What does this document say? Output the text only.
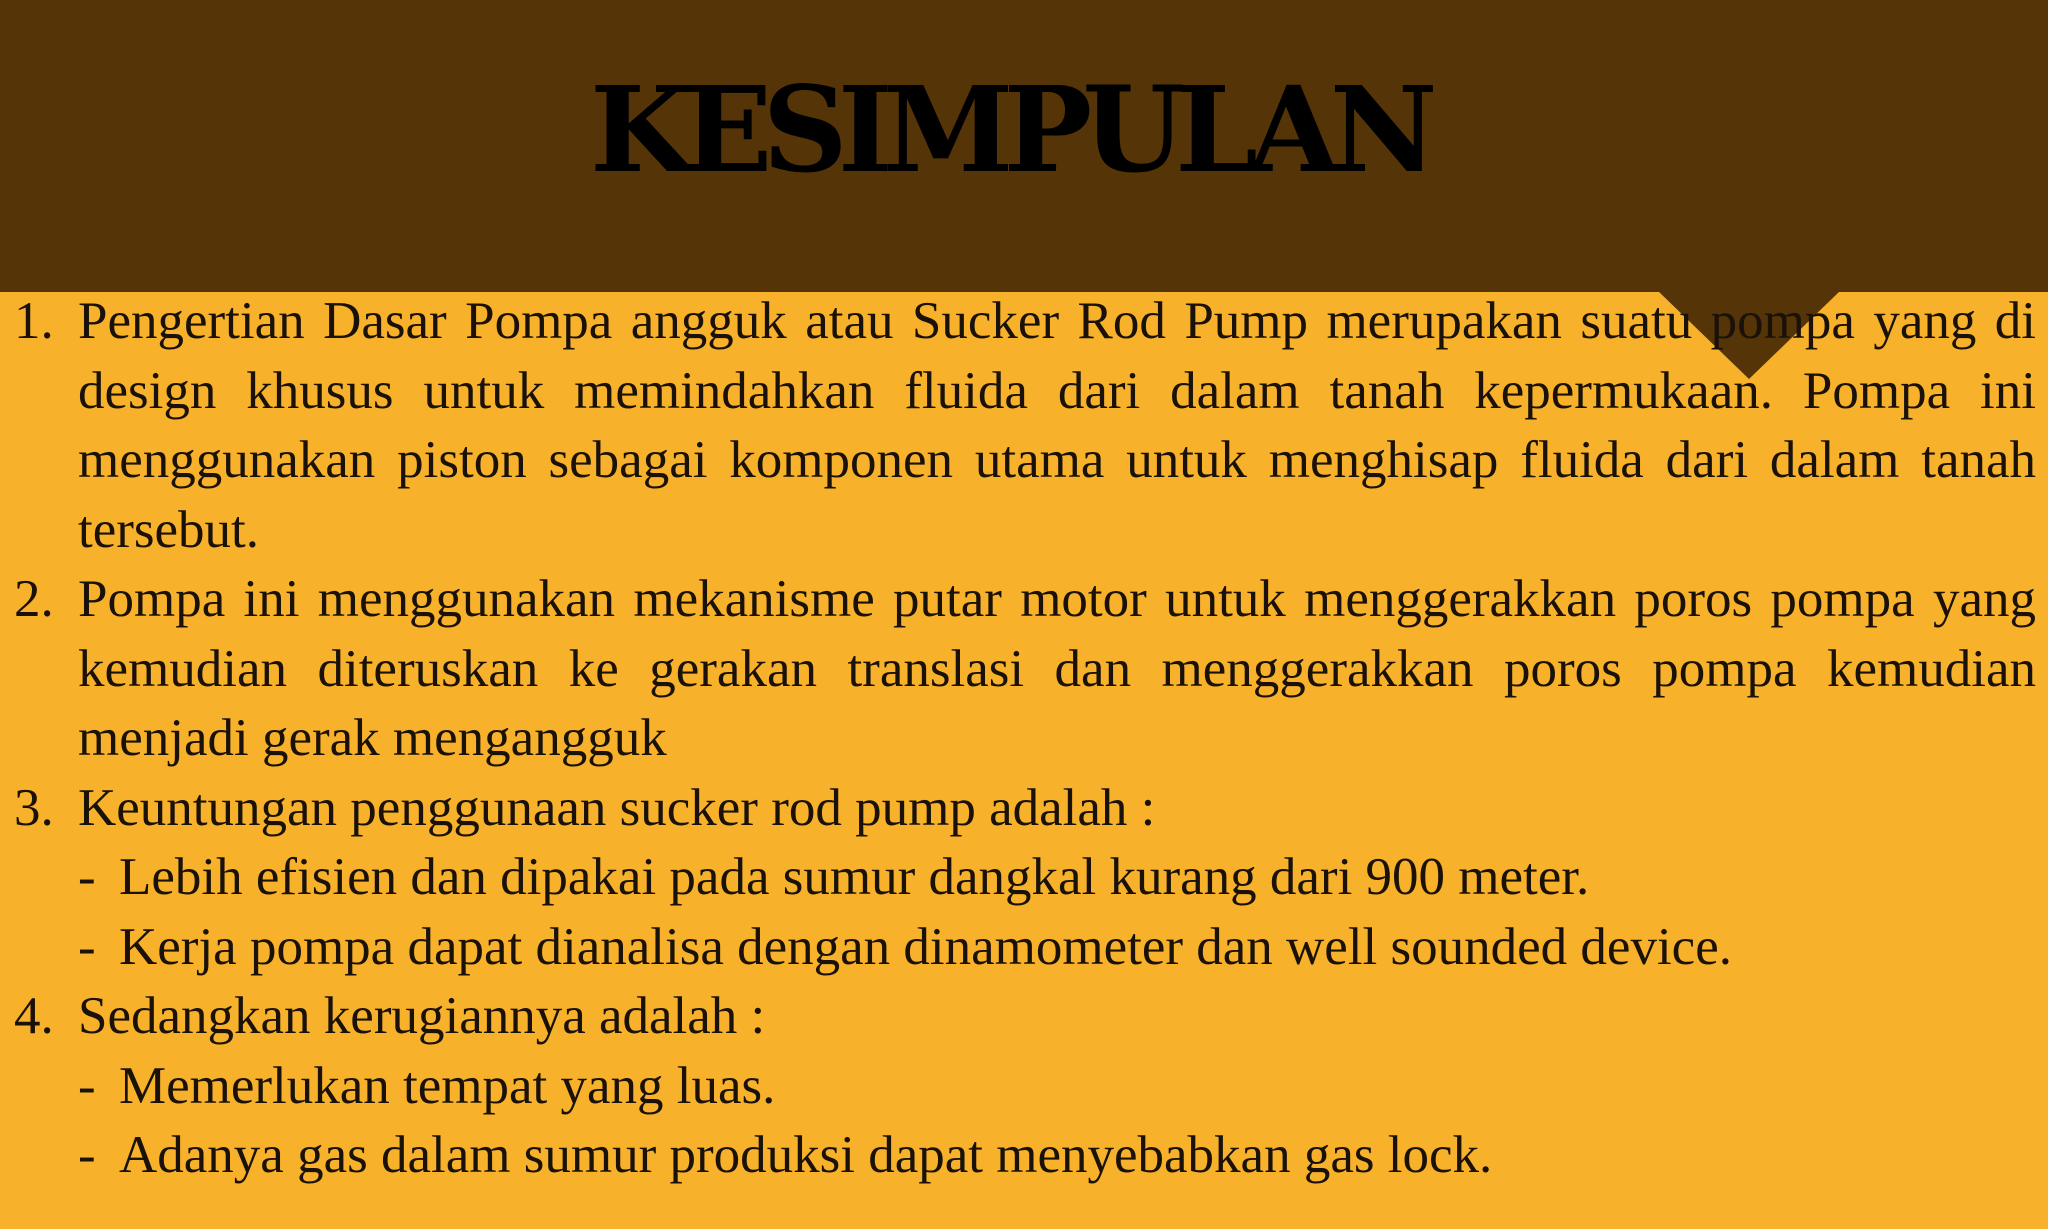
KESIMPULAN
1. Pengertian Dasar Pompa angguk atau Sucker Rod Pump merupakan suatu pompa yang di design khusus untuk memindahkan fluida dari dalam tanah kepermukaan. Pompa ini menggunakan piston sebagai komponen utama untuk menghisap fluida dari dalam tanah tersebut.
2. Pompa ini menggunakan mekanisme putar motor untuk menggerakkan poros pompa yang kemudian diteruskan ke gerakan translasi dan menggerakkan poros pompa kemudian menjadi gerak mengangguk
3. Keuntungan penggunaan sucker rod pump adalah :
- Lebih efisien dan dipakai pada sumur dangkal kurang dari 900 meter.
- Kerja pompa dapat dianalisa dengan dinamometer dan well sounded device.
4. Sedangkan kerugiannya adalah :
- Memerlukan tempat yang luas.
- Adanya gas dalam sumur produksi dapat menyebabkan gas lock.
